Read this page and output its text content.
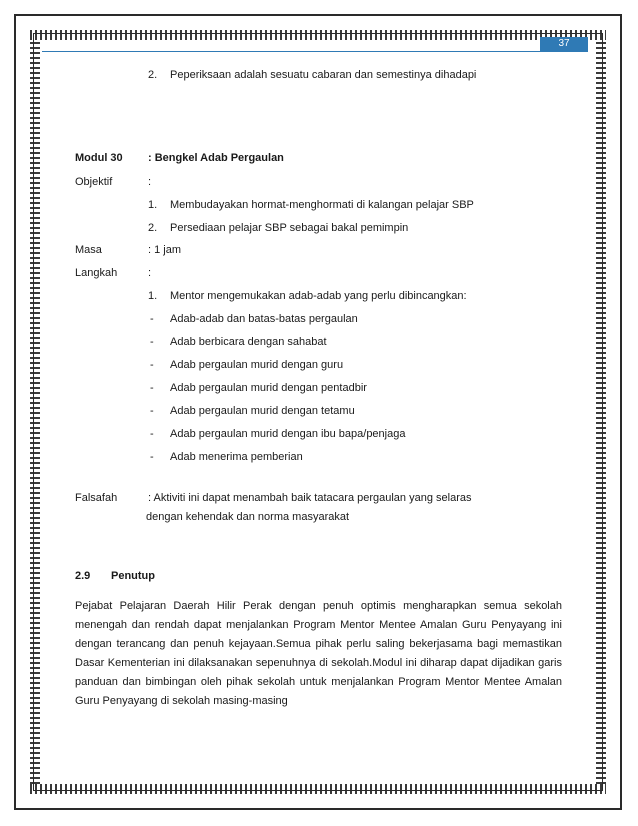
37
2. Peperiksaan adalah sesuatu cabaran dan semestinya dihadapi
Modul 30 : Bengkel Adab Pergaulan
Objektif	:
1. Membudayakan hormat-menghormati di kalangan pelajar SBP
2. Persediaan pelajar SBP sebagai bakal pemimpin
Masa	: 1 jam
Langkah	:
1. Mentor mengemukakan adab-adab yang perlu dibincangkan:
- Adab-adab dan batas-batas pergaulan
- Adab berbicara dengan sahabat
- Adab pergaulan murid dengan guru
- Adab pergaulan murid dengan pentadbir
- Adab pergaulan murid dengan tetamu
- Adab pergaulan murid dengan ibu bapa/penjaga
- Adab menerima pemberian
Falsafah	: Aktiviti ini dapat menambah baik tatacara pergaulan yang selaras
dengan kehendak dan norma masyarakat
2.9 Penutup
Pejabat Pelajaran Daerah Hilir Perak dengan penuh optimis mengharapkan semua sekolah menengah dan rendah dapat menjalankan Program Mentor Mentee Amalan Guru Penyayang ini dengan terancang dan penuh kejayaan.Semua pihak perlu saling bekerjasama bagi memastikan Dasar Kementerian ini dilaksanakan sepenuhnya di sekolah.Modul ini diharap dapat dijadikan garis panduan dan bimbingan oleh pihak sekolah untuk menjalankan Program Mentor Mentee Amalan Guru Penyayang di sekolah masing-masing
